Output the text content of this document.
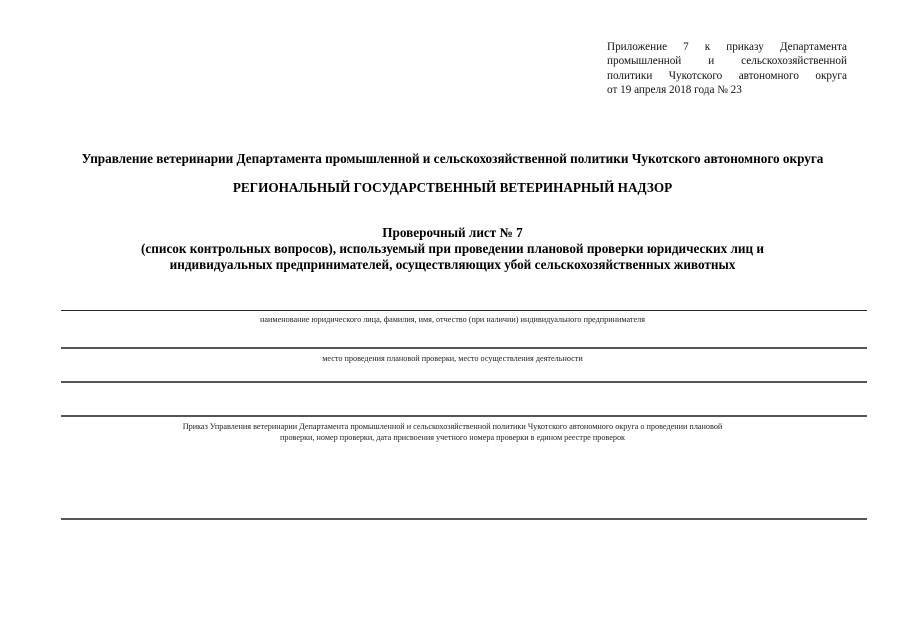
Приложение 7 к приказу Департамента
промышленной и сельскохозяйственной
политики Чукотского автономного округа
от 19 апреля 2018 года № 23
Управление ветеринарии Департамента промышленной и сельскохозяйственной политики Чукотского автономного округа
РЕГИОНАЛЬНЫЙ ГОСУДАРСТВЕННЫЙ ВЕТЕРИНАРНЫЙ НАДЗОР
Проверочный лист № 7
(список контрольных вопросов), используемый при проведении плановой проверки юридических лиц и
индивидуальных предпринимателей, осуществляющих убой сельскохозяйственных животных
наименование юридического лица, фамилия, имя, отчество (при наличии) индивидуального предпринимателя
место проведения плановой проверки, место осуществления деятельности
Приказ Управления ветеринарии Департамента промышленной и сельскохозяйственной политики Чукотского автономного округа о проведении плановой
проверки, номер проверки, дата присвоения учетного номера проверки в едином реестре проверок
